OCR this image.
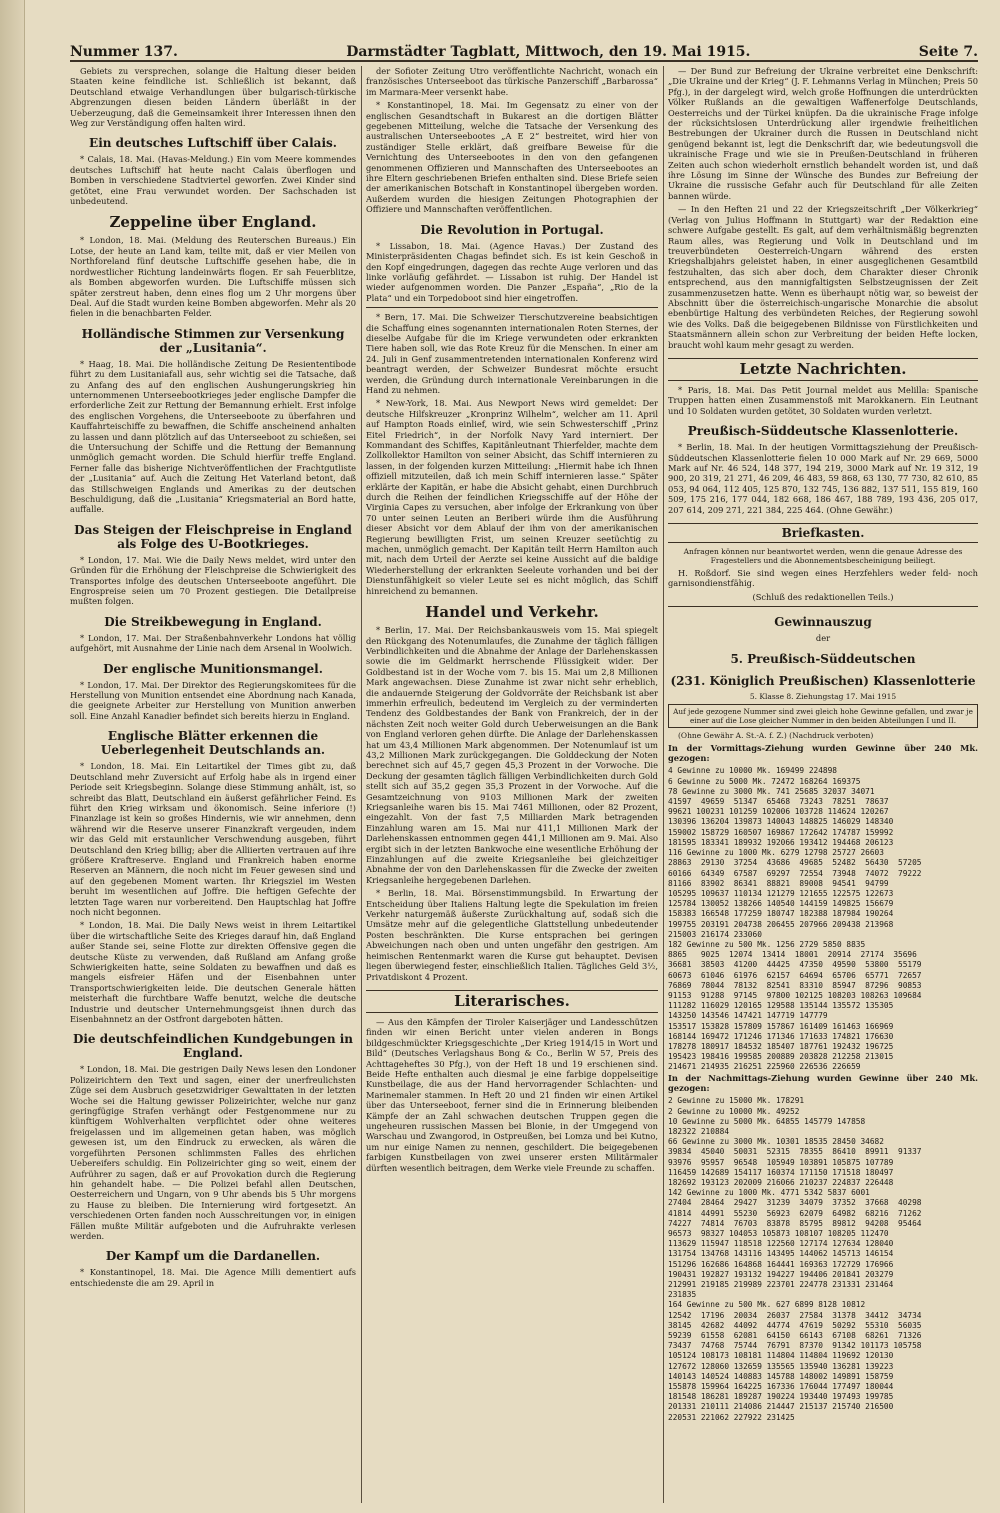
Nummer 137.	Darmstädter Tagblatt, Mittwoch, den 19. Mai 1915.	Seite 7.

Gebiets zu versprechen, solange die Haltung dieser beiden Staaten keine feindliche ist. Schließlich ist bekannt, daß Deutschland etwaige Verhandlungen über bulgarisch-türkische Abgrenzungen diesen beiden Ländern überläßt in der Ueberzeugung, daß die Gemeinsamkeit ihrer Interessen ihnen den Weg zur Verständigung offen halten wird.

Ein deutsches Luftschiff über Calais.

* Calais, 18. Mai. (Havas-Meldung.) Ein vom Meere kommendes deutsches Luftschiff hat heute nacht Calais überflogen und Bomben in verschiedene Stadtviertel geworfen. Zwei Kinder sind getötet, eine Frau verwundet worden. Der Sachschaden ist unbedeutend.

Zeppeline über England.

* London, 18. Mai. (Meldung des Reuterschen Bureaus.) Ein Lotse, der heute an Land kam, teilte mit, daß er vier Meilen von Northforeland fünf deutsche Luftschiffe gesehen habe, die in nordwestlicher Richtung landeinwärts flogen. Er sah Feuerblitze, als Bomben abgeworfen wurden. Die Luftschiffe müssen sich später zerstreut haben, denn eines flog um 2 Uhr morgens über Deal. Auf die Stadt wurden keine Bomben abgeworfen. Mehr als 20 fielen in die benachbarten Felder.

Holländische Stimmen zur Versenkung der „Lusitania“.

* Haag, 18. Mai. Die holländische Zeitung De Resiententibode führt zu dem Lusitaniafall aus, sehr wichtig sei die Tatsache, daß zu Anfang des auf den englischen Aushungerungskrieg hin unternommenen Unterseebootkrieges jeder englische Dampfer die erforderliche Zeit zur Rettung der Bemannung erhielt. Erst infolge des englischen Vorgehens, die Unterseeboote zu überfahren und Kauffahrteischiffe zu bewaffnen, die Schiffe anscheinend anhalten zu lassen und dann plötzlich auf das Unterseeboot zu schießen, sei die Untersuchung der Schiffe und die Rettung der Bemannung unmöglich gemacht worden. Die Schuld hierfür treffe England. Ferner falle das bisherige Nichtveröffentlichen der Frachtgutliste der „Lusitania“ auf. Auch die Zeitung Het Vaterland betont, daß das Stillschweigen Englands und Amerikas zu der deutschen Beschuldigung, daß die „Lusitania“ Kriegsmaterial an Bord hatte, auffalle.

Das Steigen der Fleischpreise in England als Folge des U-Bootkrieges.

* London, 17. Mai. Wie die Daily News meldet, wird unter den Gründen für die Erhöhung der Fleischpreise die Schwierigkeit des Transportes infolge des deutschen Unterseeboote angeführt. Die Engrospreise seien um 70 Prozent gestiegen. Die Detailpreise mußten folgen.

Die Streikbewegung in England.

* London, 17. Mai. Der Straßenbahnverkehr Londons hat völlig aufgehört, mit Ausnahme der Linie nach dem Arsenal in Woolwich.

Der englische Munitionsmangel.

* London, 17. Mai. Der Direktor des Regierungskomitees für die Herstellung von Munition entsendet eine Abordnung nach Kanada, die geeignete Arbeiter zur Herstellung von Munition anwerben soll. Eine Anzahl Kanadier befindet sich bereits hierzu in England.

Englische Blätter erkennen die Ueberlegenheit Deutschlands an.

* London, 18. Mai. Ein Leitartikel der Times gibt zu, daß Deutschland mehr Zuversicht auf Erfolg habe als in irgend einer Periode seit Kriegsbeginn. Solange diese Stimmung anhält, ist, so schreibt das Blatt, Deutschland ein äußerst gefährlicher Feind. Es führt den Krieg wirksam und ökonomisch. Seine inferiore (!) Finanzlage ist kein so großes Hindernis, wie wir annehmen, denn während wir die Reserve unserer Finanzkraft vergeuden, indem wir das Geld mit erstaunlicher Verschwendung ausgeben, führt Deutschland den Krieg billig; aber die Alliierten vertrauen auf ihre größere Kraftreserve. England und Frankreich haben enorme Reserven an Männern, die noch nicht im Feuer gewesen sind und auf den gegebenen Moment warten. Ihr Kriegsziel im Westen beruht im wesentlichen auf Joffre. Die heftigen Gefechte der letzten Tage waren nur vorbereitend. Den Hauptschlag hat Joffre noch nicht begonnen.

* London, 18. Mai. Die Daily News weist in ihrem Leitartikel über die wirtschaftliche Seite des Krieges darauf hin, daß England außer Stande sei, seine Flotte zur direkten Offensive gegen die deutsche Küste zu verwenden, daß Rußland am Anfang große Schwierigkeiten hatte, seine Soldaten zu bewaffnen und daß es mangels eisfreier Häfen und der Eisenbahnen unter Transportschwierigkeiten leide. Die deutschen Generale hätten meisterhaft die furchtbare Waffe benutzt, welche die deutsche Industrie und deutscher Unternehmungsgeist ihnen durch das Eisenbahnnetz an der Ostfront dargeboten hätten.

Die deutschfeindlichen Kundgebungen in England.

* London, 18. Mai. Die gestrigen Daily News lesen den Londoner Polizeirichtern den Text und sagen, einer der unerfreulichsten Züge sei dem Ausbruch gesetzwidriger Gewalttaten in der letzten Woche sei die Haltung gewisser Polizeirichter, welche nur ganz geringfügige Strafen verhängt oder Festgenommene nur zu künftigem Wohlverhalten verpflichtet oder ohne weiteres freigelassen und im allgemeinen getan haben, was möglich gewesen ist, um den Eindruck zu erwecken, als wären die vorgeführten Personen schlimmsten Falles des ehrlichen Uebereifers schuldig. Ein Polizeirichter ging so weit, einem der Aufrührer zu sagen, daß er auf Provokation durch die Regierung hin gehandelt habe. — Die Polizei befahl allen Deutschen, Oesterreichern und Ungarn, von 9 Uhr abends bis 5 Uhr morgens zu Hause zu bleiben. Die Internierung wird fortgesetzt. An verschiedenen Orten fanden noch Ausschreitungen vor, in einigen Fällen mußte Militär aufgeboten und die Aufruhrakte verlesen werden.

Der Kampf um die Dardanellen.

* Konstantinopel, 18. Mai. Die Agence Milli dementiert aufs entschiedenste die am 29. April in

der Sofioter Zeitung Utro veröffentlichte Nachricht, wonach ein französisches Unterseeboot das türkische Panzerschiff „Barbarossa“ im Marmara-Meer versenkt habe.

* Konstantinopel, 18. Mai. Im Gegensatz zu einer von der englischen Gesandtschaft in Bukarest an die dortigen Blätter gegebenen Mitteilung, welche die Tatsache der Versenkung des australischen Unterseebootes „A E 2“ bestreitet, wird hier von zuständiger Stelle erklärt, daß greifbare Beweise für die Vernichtung des Unterseebootes in den von den gefangenen genommenen Offizieren und Mannschaften des Unterseebootes an ihre Eltern geschriebenen Briefen enthalten sind. Diese Briefe seien der amerikanischen Botschaft in Konstantinopel übergeben worden. Außerdem wurden die hiesigen Zeitungen Photographien der Offiziere und Mannschaften veröffentlichen.

Die Revolution in Portugal.

* Lissabon, 18. Mai. (Agence Havas.) Der Zustand des Ministerpräsidenten Chagas befindet sich. Es ist kein Geschoß in den Kopf eingedrungen, dagegen das rechte Auge verloren und das linke vorläufig gefährdet. — Lissabon ist ruhig. Der Handel ist wieder aufgenommen worden. Die Panzer „España“, „Rio de la Plata“ und ein Torpedoboot sind hier eingetroffen.

* Bern, 17. Mai. Die Schweizer Tierschutzvereine beabsichtigen die Schaffung eines sogenannten internationalen Roten Sternes, der dieselbe Aufgabe für die im Kriege verwundeten oder erkrankten Tiere haben soll, wie das Rote Kreuz für die Menschen. In einer am 24. Juli in Genf zusammentretenden internationalen Konferenz wird beantragt werden, der Schweizer Bundesrat möchte ersucht werden, die Gründung durch internationale Vereinbarungen in die Hand zu nehmen.

* New-York, 18. Mai. Aus Newport News wird gemeldet: Der deutsche Hilfskreuzer „Kronprinz Wilhelm“, welcher am 11. April auf Hampton Roads einlief, wird, wie sein Schwesterschiff „Prinz Eitel Friedrich“, in der Norfolk Navy Yard interniert. Der Kommandant des Schiffes, Kapitänleutnant Thierfelder, machte dem Zollkollektor Hamilton von seiner Absicht, das Schiff internieren zu lassen, in der folgenden kurzen Mitteilung: „Hiermit habe ich Ihnen offiziell mitzuteilen, daß ich mein Schiff internieren lasse.“ Später erklärte der Kapitän, er habe die Absicht gehabt, einen Durchbruch durch die Reihen der feindlichen Kriegsschiffe auf der Höhe der Virginia Capes zu versuchen, aber infolge der Erkrankung von über 70 unter seinen Leuten an Beriberi würde ihm die Ausführung dieser Absicht vor dem Ablauf der ihm von der amerikanischen Regierung bewilligten Frist, um seinen Kreuzer seetüchtig zu machen, unmöglich gemacht. Der Kapitän teilt Herrn Hamilton auch mit, nach dem Urteil der Aerzte sei keine Aussicht auf die baldige Wiederherstellung der erkrankten Seeleute vorhanden und bei der Dienstunfähigkeit so vieler Leute sei es nicht möglich, das Schiff hinreichend zu bemannen.

Handel und Verkehr.

* Berlin, 17. Mai. Der Reichsbankausweis vom 15. Mai spiegelt den Rückgang des Notenumlaufes, die Zunahme der täglich fälligen Verbindlichkeiten und die Abnahme der Anlage der Darlehenskassen sowie die im Geldmarkt herrschende Flüssigkeit wider. Der Goldbestand ist in der Woche vom 7. bis 15. Mai um 2,8 Millionen Mark angewachsen. Diese Zunahme ist zwar nicht sehr erheblich, die andauernde Steigerung der Goldvorräte der Reichsbank ist aber immerhin erfreulich, bedeutend im Vergleich zu der verminderten Tendenz des Goldbestandes der Bank von Frankreich, der in der nächsten Zeit noch weiter Gold durch Ueberweisungen an die Bank von England verloren gehen dürfte. Die Anlage der Darlehenskassen hat um 43,4 Millionen Mark abgenommen. Der Notenumlauf ist um 43,2 Millionen Mark zurückgegangen. Die Golddeckung der Noten berechnet sich auf 45,7 gegen 45,3 Prozent in der Vorwoche. Die Deckung der gesamten täglich fälligen Verbindlichkeiten durch Gold stellt sich auf 35,2 gegen 35,3 Prozent in der Vorwoche. Auf die Gesamtzeichnung von 9103 Millionen Mark der zweiten Kriegsanleihe waren bis 15. Mai 7461 Millionen, oder 82 Prozent, eingezahlt. Von der fast 7,5 Milliarden Mark betragenden Einzahlung waren am 15. Mai nur 411,1 Millionen Mark der Darlehenskassen entnommen gegen 441,1 Millionen am 9. Mai. Also ergibt sich in der letzten Bankwoche eine wesentliche Erhöhung der Einzahlungen auf die zweite Kriegsanleihe bei gleichzeitiger Abnahme der von den Darlehenskassen für die Zwecke der zweiten Kriegsanleihe hergegebenen Darlehen.

* Berlin, 18. Mai. Börsenstimmungsbild. In Erwartung der Entscheidung über Italiens Haltung legte die Spekulation im freien Verkehr naturgemäß äußerste Zurückhaltung auf, sodaß sich die Umsätze mehr auf die gelegentliche Glattstellung unbedeutender Posten beschränkten. Die Kurse entsprachen bei geringen Abweichungen nach oben und unten ungefähr den gestrigen. Am heimischen Rentenmarkt waren die Kurse gut behauptet. Devisen liegen überwiegend fester, einschließlich Italien. Tägliches Geld 3½, Privatdiskont 4 Prozent.

Literarisches.

— Aus den Kämpfen der Tiroler Kaiserjäger und Landesschützen finden wir einen Bericht unter vielen anderen in Bongs bildgeschmückter Kriegsgeschichte „Der Krieg 1914/15 in Wort und Bild“ (Deutsches Verlagshaus Bong & Co., Berlin W 57, Preis des Achttageheftes 30 Pfg.), von der Heft 18 und 19 erschienen sind. Beide Hefte enthalten auch diesmal je eine farbige doppelseitige Kunstbeilage, die aus der Hand hervorragender Schlachten- und Marinemaler stammen. In Heft 20 und 21 finden wir einen Artikel über das Unterseeboot, ferner sind die in Erinnerung bleibenden Kämpfe der an Zahl schwachen deutschen Truppen gegen die ungeheuren russischen Massen bei Blonie, in der Umgegend von Warschau und Zwangorod, in Ostpreußen, bei Lomza und bei Kutno, um nur einige Namen zu nennen, geschildert. Die beigegebenen farbigen Kunstbeilagen von zwei unserer ersten Militärmaler dürften wesentlich beitragen, dem Werke viele Freunde zu schaffen.

— Der Bund zur Befreiung der Ukraine verbreitet eine Denkschrift: „Die Ukraine und der Krieg“ (J. F. Lehmanns Verlag in München; Preis 50 Pfg.), in der dargelegt wird, welch große Hoffnungen die unterdrückten Völker Rußlands an die gewaltigen Waffenerfolge Deutschlands, Oesterreichs und der Türkei knüpfen. Da die ukrainische Frage infolge der rücksichtslosen Unterdrückung aller irgendwie freiheitlichen Bestrebungen der Ukrainer durch die Russen in Deutschland nicht genügend bekannt ist, legt die Denkschrift dar, wie bedeutungsvoll die ukrainische Frage und wie sie in Preußen-Deutschland in früheren Zeiten auch schon wiederholt ernstlich behandelt worden ist, und daß ihre Lösung im Sinne der Wünsche des Bundes zur Befreiung der Ukraine die russische Gefahr auch für Deutschland für alle Zeiten bannen würde.

— In den Heften 21 und 22 der Kriegszeitschrift „Der Völkerkrieg“ (Verlag von Julius Hoffmann in Stuttgart) war der Redaktion eine schwere Aufgabe gestellt. Es galt, auf dem verhältnismäßig begrenzten Raum alles, was Regierung und Volk in Deutschland und im treuverbündeten Oesterreich-Ungarn während des ersten Kriegshalbjahrs geleistet haben, in einer ausgeglichenen Gesamtbild festzuhalten, das sich aber doch, dem Charakter dieser Chronik entsprechend, aus den mannigfaltigsten Selbstzeugnissen der Zeit zusammenzusetzen hatte. Wenn es überhaupt nötig war, so beweist der Abschnitt über die österreichisch-ungarische Monarchie die absolut ebenbürtige Haltung des verbündeten Reiches, der Regierung sowohl wie des Volks. Daß die beigegebenen Bildnisse von Fürstlichkeiten und Staatsmännern allein schon zur Verbreitung der beiden Hefte locken, braucht wohl kaum mehr gesagt zu werden.

Letzte Nachrichten.

* Paris, 18. Mai. Das Petit Journal meldet aus Melilla: Spanische Truppen hatten einen Zusammenstoß mit Marokkanern. Ein Leutnant und 10 Soldaten wurden getötet, 30 Soldaten wurden verletzt.

Preußisch-Süddeutsche Klassenlotterie.

* Berlin, 18. Mai. In der heutigen Vormittagsziehung der Preußisch-Süddeutschen Klassenlotterie fielen 10 000 Mark auf Nr. 29 669, 5000 Mark auf Nr. 46 524, 148 377, 194 219, 3000 Mark auf Nr. 19 312, 19 900, 20 319, 21 271, 46 209, 46 483, 59 868, 63 130, 77 730, 82 610, 85 053, 94 064, 112 405, 125 870, 132 745, 136 882, 137 511, 155 819, 160 509, 175 216, 177 044, 182 668, 186 467, 188 789, 193 436, 205 017, 207 614, 209 271, 221 384, 225 464. (Ohne Gewähr.)

Briefkasten.

Anfragen können nur beantwortet werden, wenn die genaue Adresse des Fragestellers und die Abonnementsbescheinigung beiliegt.

H. Roßdorf. Sie sind wegen eines Herzfehlers weder feld- noch garnisondienstfähig.

(Schluß des redaktionellen Teils.)

Gewinnauszug

der

5. Preußisch-Süddeutschen
(231. Königlich Preußischen) Klassenlotterie

5. Klasse 8. Ziehungstag 17. Mai 1915

Auf jede gezogene Nummer sind zwei gleich hohe Gewinne gefallen, und zwar je einer auf die Lose gleicher Nummer in den beiden Abteilungen I und II.

(Ohne Gewähr A. St.-A. f. Z.) (Nachdruck verboten)

In der Vormittags-Ziehung wurden Gewinne über 240 Mk. gezogen:

4 Gewinne zu 10000 Mk. 169499 224898
6 Gewinne zu 5000 Mk. 72472 168264 169375
78 Gewinne zu 3000 Mk. 741 25685 32037 34071
41597  49659  51347  65468  73243  78251  78637
99621 100231 101259 102006 103728 114624 120267
130396 136204 139873 140043 148825 146029 148340
159002 158729 160507 169867 172642 174787 159992
181595 183341 189932 192066 193412 194468 206123
116 Gewinne zu 1000 Mk. 6279 12798 25727 26603
28863  29130  37254  43686  49685  52482  56430  57205
60166  64349  67587  69297  72554  73948  74072  79222
81166  83902  86341  88821  89008  94541  94799
105295 109637 110134 121279 121655 122575 122673
125784 130052 138266 140540 144159 149825 156679
158383 166548 177259 180747 182388 187984 190264
199755 203191 204738 206455 207966 209438 213968
215003 216174 233060
182 Gewinne zu 500 Mk. 1256 2729 5850 8835
8865   9025  12074  13414  18001  20914  27174  35696
36681  38503  41200  44425  47350  49590  53800  55179
60673  61046  61976  62157  64694  65706  65771  72657
76869  78044  78132  82541  83310  85947  87296  90853
91153  91288  97145  97800 102125 108203 108263 109684
111282 116029 120165 129588 135144 135572 135305
143250 143546 147421 147719 147779
153517 153828 157809 157867 161409 161463 166969
168144 169472 171246 171346 171633 174821 176630
178278 180917 184532 185407 187761 192432 196725
195423 198416 199585 200889 203828 212258 213015
214671 214935 216251 225960 226536 226659

In der Nachmittags-Ziehung wurden Gewinne über 240 Mk. gezogen:

2 Gewinne zu 15000 Mk. 178291
2 Gewinne zu 10000 Mk. 49252
10 Gewinne zu 5000 Mk. 64855 145779 147858
182322 210884
66 Gewinne zu 3000 Mk. 10301 18535 28450 34682
39834  45040  50031  52315  78355  86410  89911  91337
93976  95957  96548  105949 103891 105875 107789
116459 142689 154117 160374 171150 171518 180497
182692 193123 202009 216066 210237 224837 226448
142 Gewinne zu 1000 Mk. 4771 5342 5837 6001
27404  28464  29427  31239  34079  37352  37668  40298
41814  44991  55230  56923  62079  64982  68216  71262
74227  74814  76703  83878  85795  89812  94208  95464
96573  98327 104053 105873 108107 108205 112470
113629 115947 118518 122560 127174 127634 128040
131754 134768 143116 143495 144062 145713 146154
151296 162686 164868 164441 169363 172729 176966
190431 192827 193132 194227 194406 201841 203279
212991 219185 219989 223701 224778 231331 231464
231835
164 Gewinne zu 500 Mk. 627 6899 8128 10812
12542  17196  20034  26037  27584  31378  34412  34734
38145  42682  44092  44774  47619  50292  55310  56035
59239  61558  62081  64150  66143  67108  68261  71326
73437  74768  75744  76791  87370  91342 101173 105758
105124 108173 108181 114804 114804 119692 120130
127672 128060 132659 135565 135940 136281 139223
140143 140524 140883 145788 148002 149891 158759
155878 159964 164225 167336 176044 177497 180044
181548 186281 189287 190224 193440 197493 199785
201331 210111 214086 214447 215137 215740 216500
220531 221062 227922 231425
